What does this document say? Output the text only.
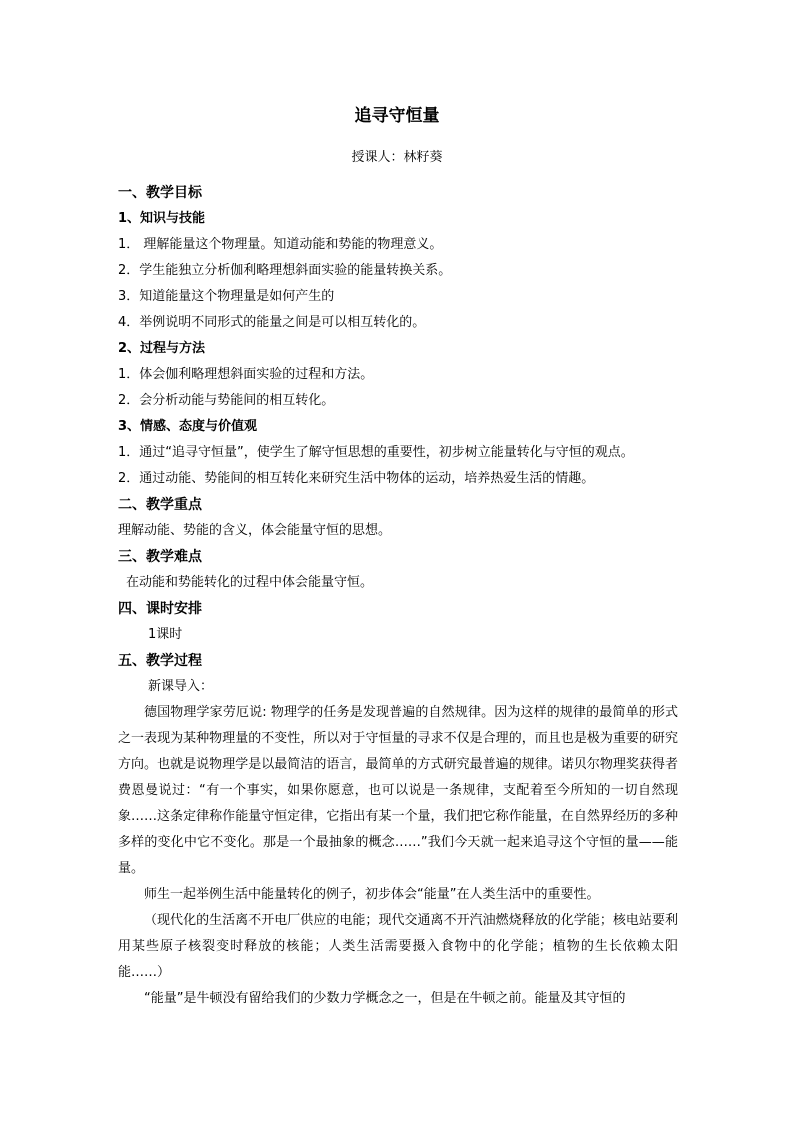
追寻守恒量
授课人：林籽葵
一、教学目标
1、知识与技能
1． 理解能量这个物理量。知道动能和势能的物理意义。
2．学生能独立分析伽利略理想斜面实验的能量转换关系。
3．知道能量这个物理量是如何产生的
4．举例说明不同形式的能量之间是可以相互转化的。
2、过程与方法
1．体会伽利略理想斜面实验的过程和方法。
2．会分析动能与势能间的相互转化。
3、情感、态度与价值观
1．通过“追寻守恒量”，使学生了解守恒思想的重要性，初步树立能量转化与守恒的观点。
2．通过动能、势能间的相互转化来研究生活中物体的运动，培养热爱生活的情趣。
二、教学重点
理解动能、势能的含义，体会能量守恒的思想。
三、教学难点
在动能和势能转化的过程中体会能量守恒。
四、课时安排
1课时
五、教学过程
新课导入：
德国物理学家劳厄说: 物理学的任务是发现普遍的自然规律。因为这样的规律的最简单的形式之一表现为某种物理量的不变性，所以对于守恒量的寻求不仅是合理的，而且也是极为重要的研究方向。也就是说物理学是以最简洁的语言，最简单的方式研究最普遍的规律。诺贝尔物理奖获得者费恩曼说过：“有一个事实，如果你愿意，也可以说是一条规律，支配着至今所知的一切自然现象……这条定律称作能量守恒定律，它指出有某一个量，我们把它称作能量，在自然界经历的多种多样的变化中它不变化。那是一个最抽象的概念……”我们今天就一起来追寻这个守恒的量——能量。
师生一起举例生活中能量转化的例子，初步体会“能量”在人类生活中的重要性。
（现代化的生活离不开电厂供应的电能；现代交通离不开汽油燃烧释放的化学能；核电站要利用某些原子核裂变时释放的核能；人类生活需要摄入食物中的化学能；植物的生长依赖太阳能……）
“能量”是牛顿没有留给我们的少数力学概念之一，但是在牛顿之前。能量及其守恒的
